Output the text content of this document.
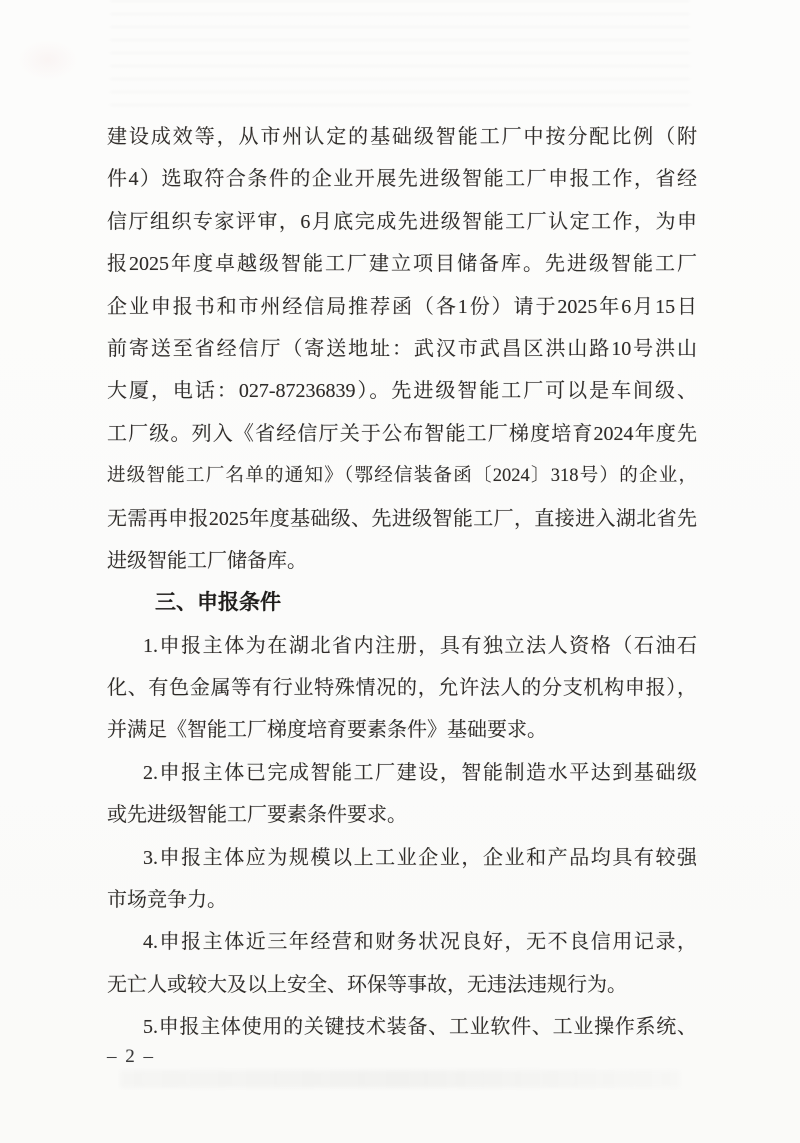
建设成效等，从市州认定的基础级智能工厂中按分配比例（附
件4）选取符合条件的企业开展先进级智能工厂申报工作，省经
信厅组织专家评审，6月底完成先进级智能工厂认定工作，为申
报2025年度卓越级智能工厂建立项目储备库。先进级智能工厂
企业申报书和市州经信局推荐函（各1份）请于2025年6月15日
前寄送至省经信厅（寄送地址：武汉市武昌区洪山路10号洪山
大厦，电话：027-87236839）。先进级智能工厂可以是车间级、
工厂级。列入《省经信厅关于公布智能工厂梯度培育2024年度先
进级智能工厂名单的通知》（鄂经信装备函〔2024〕318号）的企业，
无需再申报2025年度基础级、先进级智能工厂，直接进入湖北省先
进级智能工厂储备库。
三、申报条件
1.申报主体为在湖北省内注册，具有独立法人资格（石油石
化、有色金属等有行业特殊情况的，允许法人的分支机构申报），
并满足《智能工厂梯度培育要素条件》基础要求。
2.申报主体已完成智能工厂建设，智能制造水平达到基础级
或先进级智能工厂要素条件要求。
3.申报主体应为规模以上工业企业，企业和产品均具有较强
市场竞争力。
4.申报主体近三年经营和财务状况良好，无不良信用记录，
无亡人或较大及以上安全、环保等事故，无违法违规行为。
5.申报主体使用的关键技术装备、工业软件、工业操作系统、
– 2 –
